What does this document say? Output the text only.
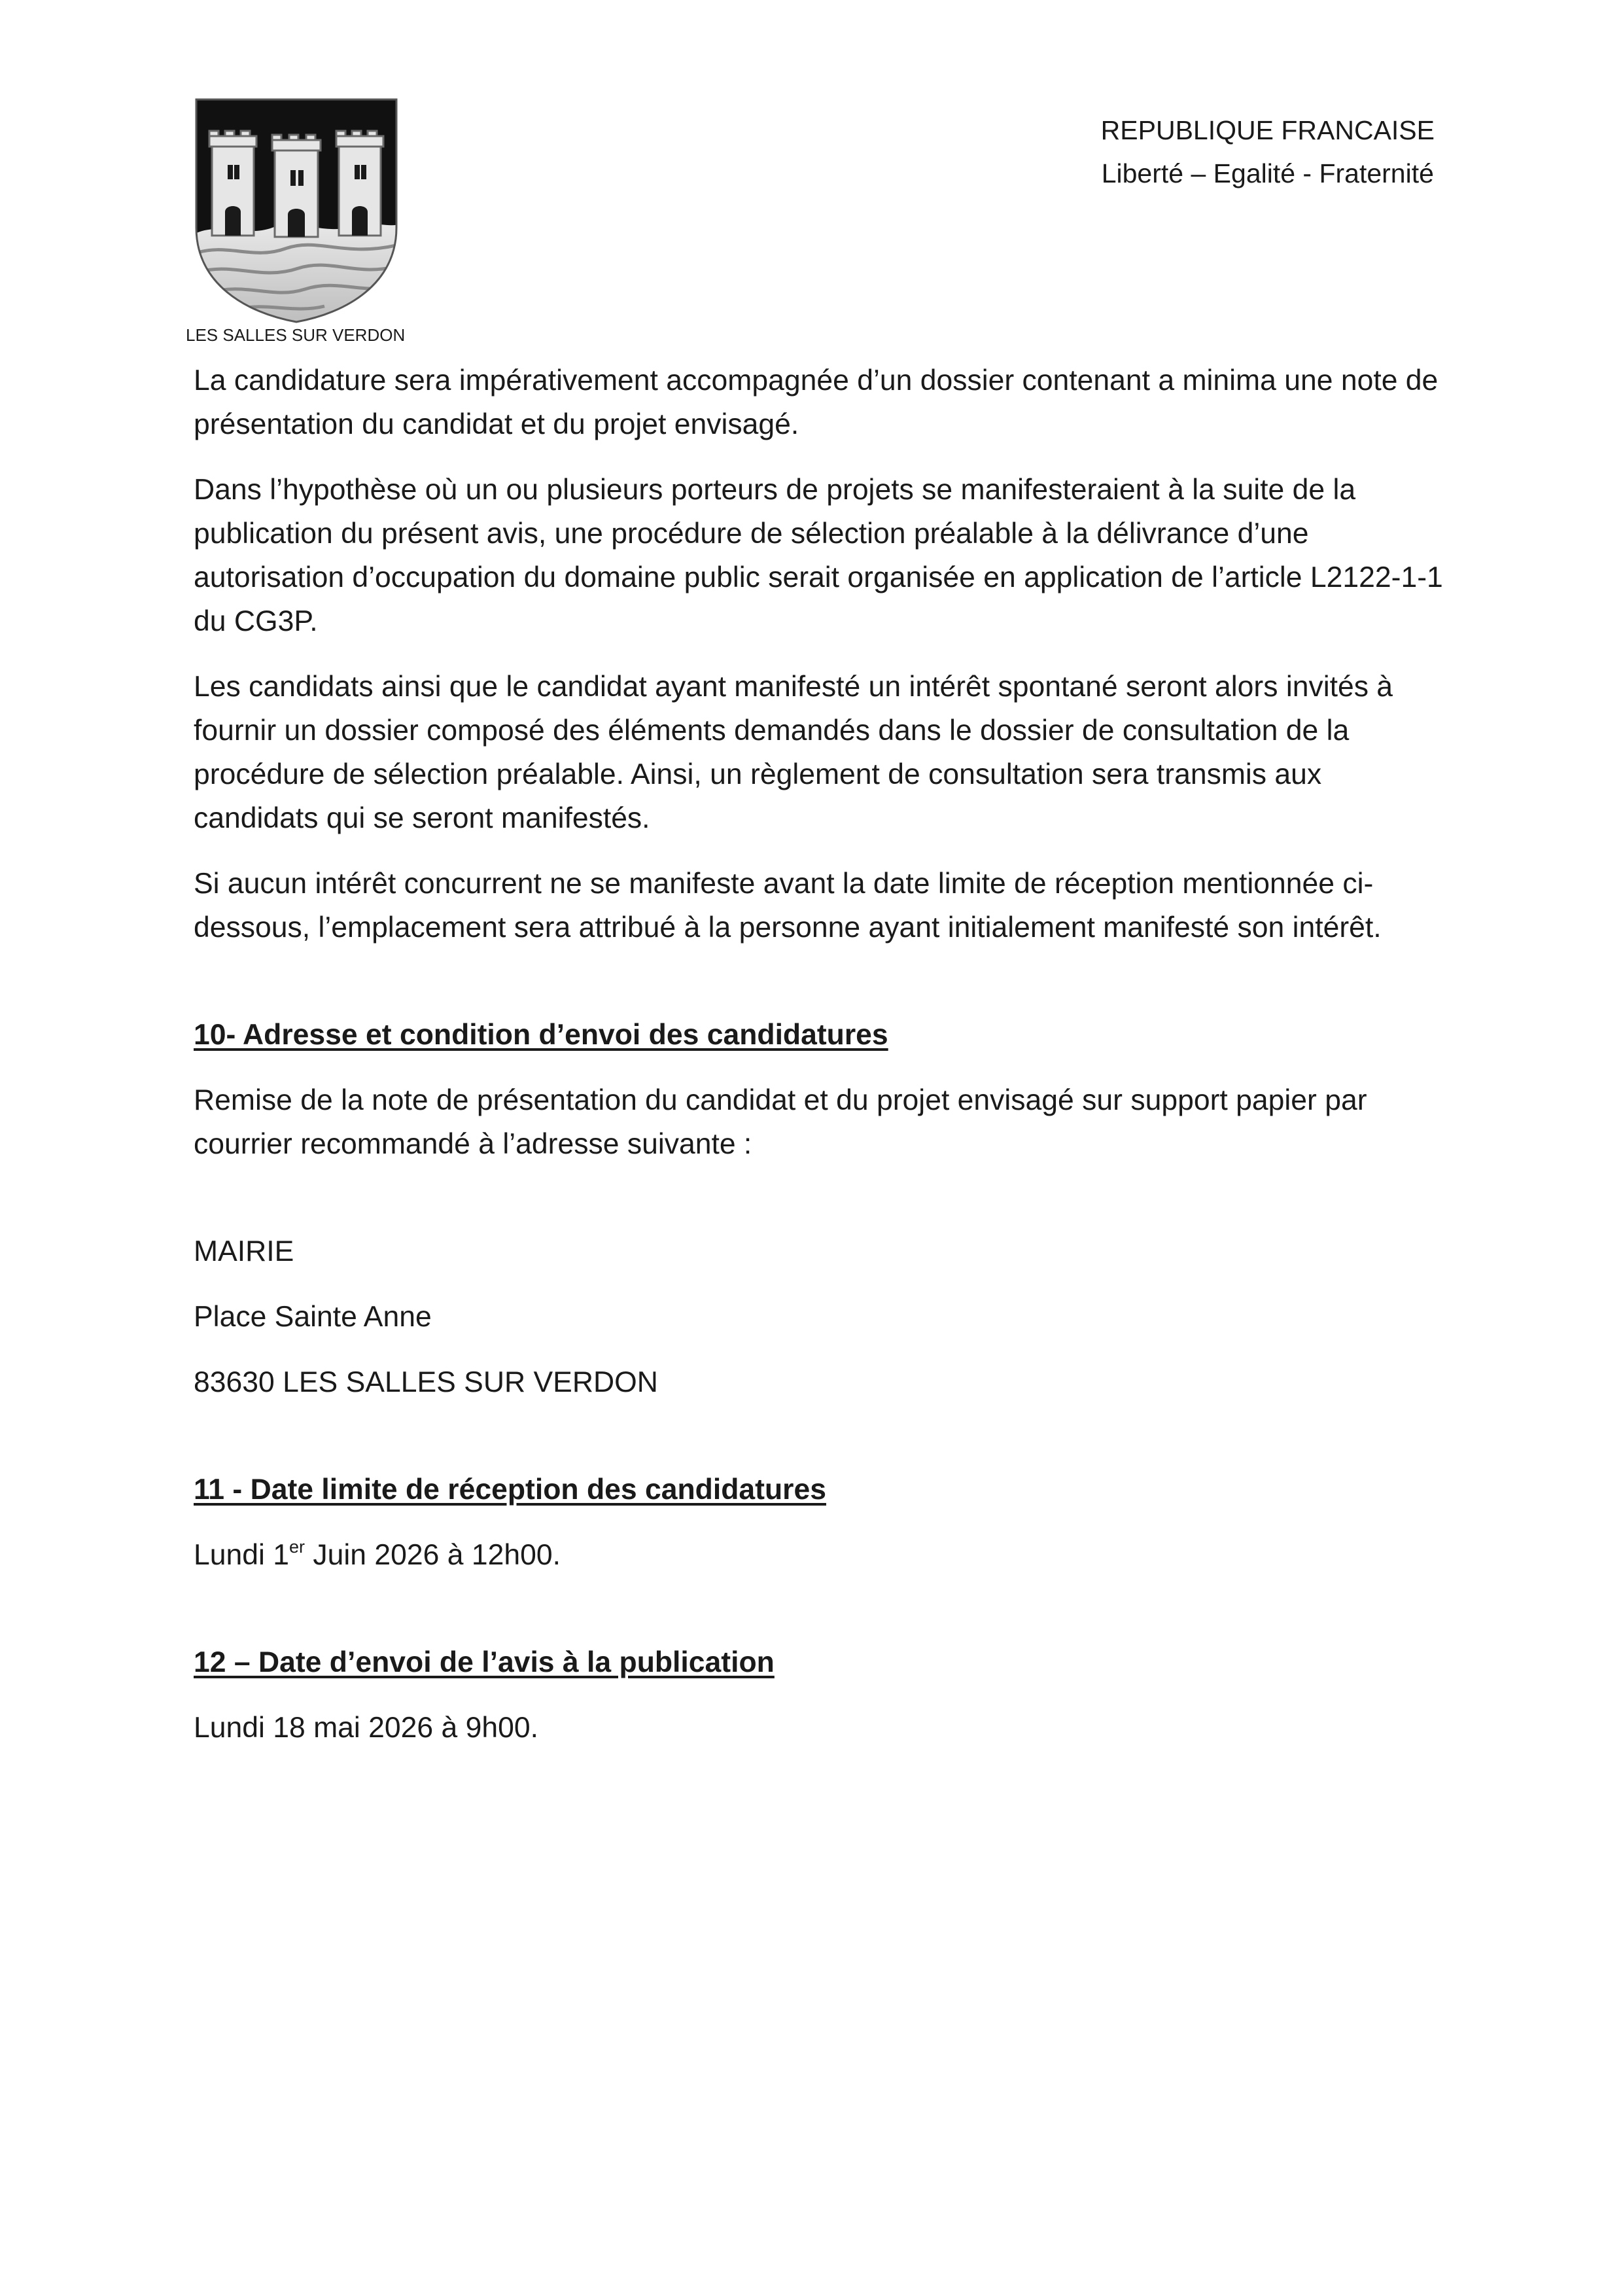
LES SALLES SUR VERDON
REPUBLIQUE FRANCAISE
Liberté – Egalité - Fraternité

La candidature sera impérativement accompagnée d’un dossier contenant a minima une note de présentation du candidat et du projet envisagé.

Dans l’hypothèse où un ou plusieurs porteurs de projets se manifesteraient à la suite de la publication du présent avis, une procédure de sélection préalable à la délivrance d’une autorisation d’occupation du domaine public serait organisée en application de l’article L2122-1-1 du CG3P.

Les candidats ainsi que le candidat ayant manifesté un intérêt spontané seront alors invités à fournir un dossier composé des éléments demandés dans le dossier de consultation de la procédure de sélection préalable. Ainsi, un règlement de consultation sera transmis aux candidats qui se seront manifestés.

Si aucun intérêt concurrent ne se manifeste avant la date limite de réception mentionnée ci-dessous, l’emplacement sera attribué à la personne ayant initialement manifesté son intérêt.

10- Adresse et condition d’envoi des candidatures

Remise de la note de présentation du candidat et du projet envisagé sur support papier par courrier recommandé à l’adresse suivante :

MAIRIE

Place Sainte Anne

83630 LES SALLES SUR VERDON

11 - Date limite de réception des candidatures

Lundi 1er Juin 2026 à 12h00.

12 – Date d’envoi de l’avis à la publication

Lundi 18 mai 2026 à 9h00.
